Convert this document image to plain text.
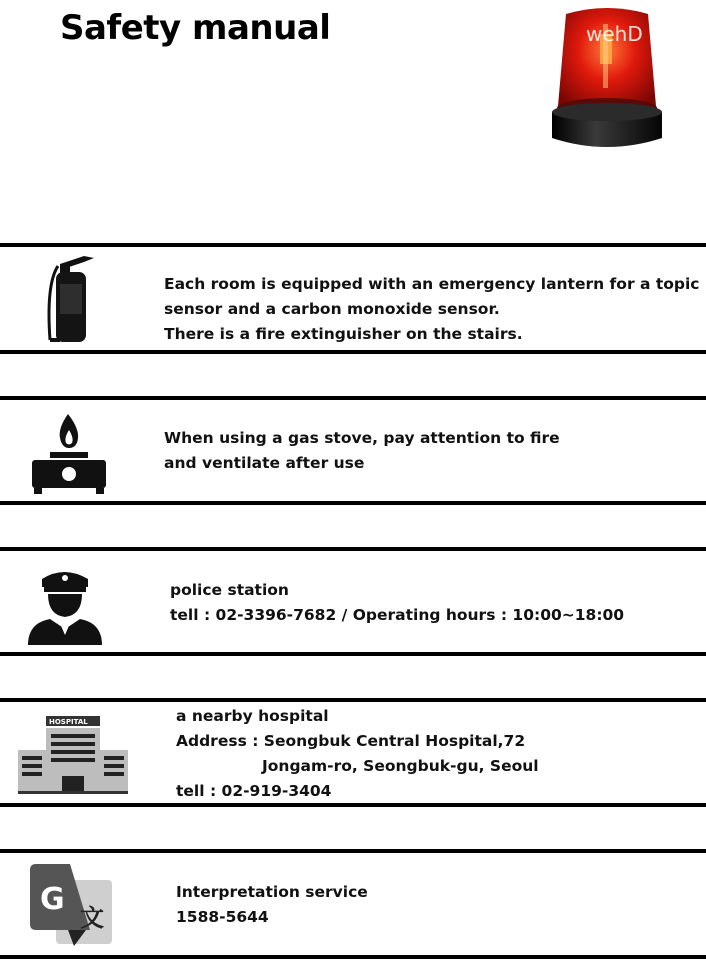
Safety manual	wehD
Each room is equipped with an emergency lantern for a topic
sensor and a carbon monoxide sensor.
There is a fire extinguisher on the stairs.
When using a gas stove, pay attention to fire
and ventilate after use
police station
tell : 02-3396-7682 / Operating hours : 10:00~18:00
HOSPITAL	a nearby hospital
Address : Seongbuk Central Hospital,72
Jongam-ro, Seongbuk-gu, Seoul
tell : 02-919-3404
G
文
Interpretation service
1588-5644
